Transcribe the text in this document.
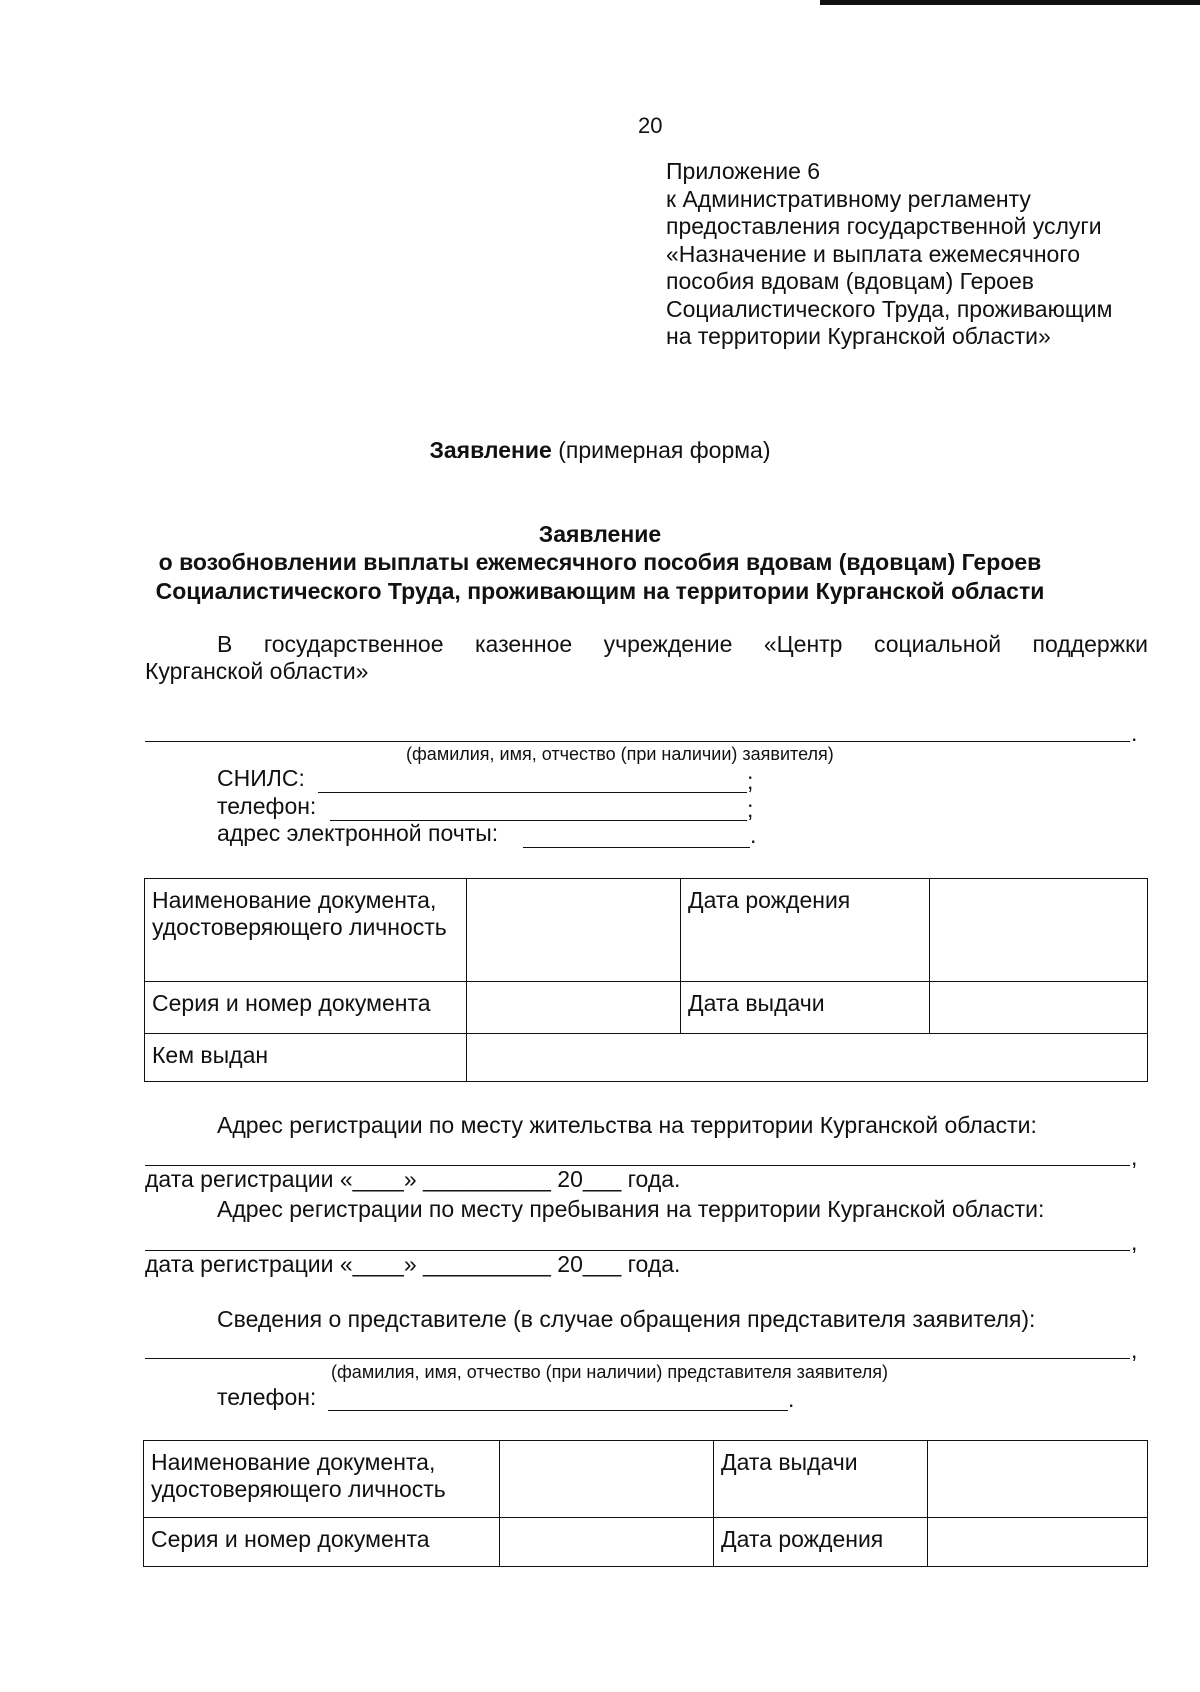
20
Приложение 6
к Административному регламенту
предоставления государственной услуги
«Назначение и выплата ежемесячного
пособия вдовам (вдовцам) Героев
Социалистического Труда, проживающим
на территории Курганской области»
Заявление (примерная форма)
Заявление
о возобновлении выплаты ежемесячного пособия вдовам (вдовцам) Героев
Социалистического Труда, проживающим на территории Курганской области
В государственное казенное учреждение «Центр социальной поддержки
Курганской области»
.
(фамилия, имя, отчество (при наличии) заявителя)
СНИЛС:	;
телефон:	;
адрес электронной почты:	.
Наименование документа, удостоверяющего личность		Дата рождения	
Серия и номер документа		Дата выдачи	
Кем выдан			
Адрес регистрации по месту жительства на территории Курганской области:
,
дата регистрации «____» __________ 20___ года.
Адрес регистрации по месту пребывания на территории Курганской области:
,
дата регистрации «____» __________ 20___ года.
Сведения о представителе (в случае обращения представителя заявителя):
,
(фамилия, имя, отчество (при наличии) представителя заявителя)
телефон:	.
Наименование документа, удостоверяющего личность		Дата выдачи	
Серия и номер документа		Дата рождения	
